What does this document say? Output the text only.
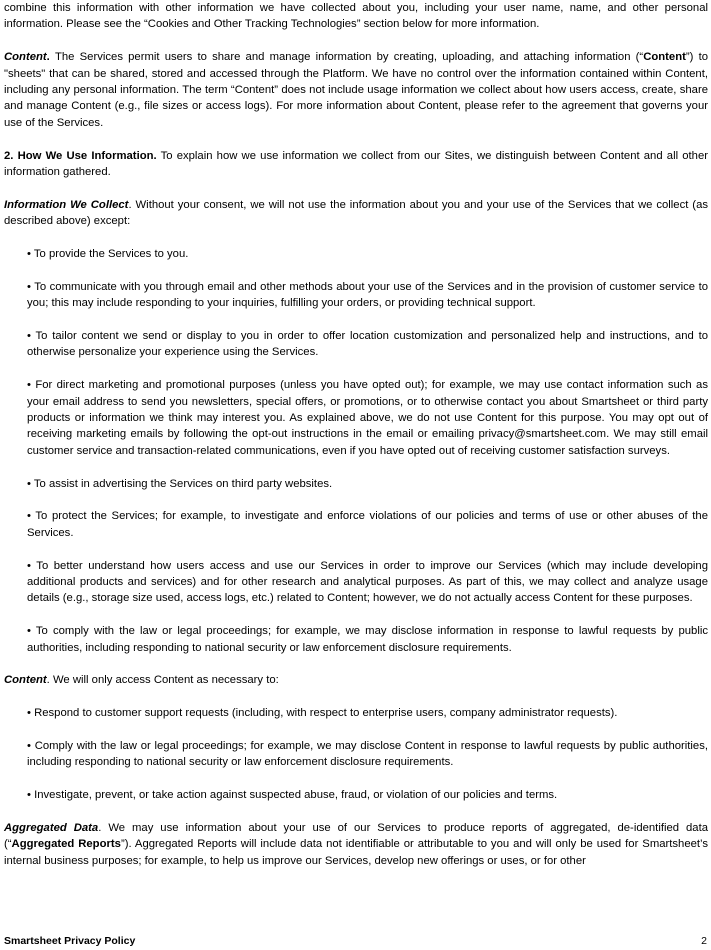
combine this information with other information we have collected about you, including your user name, name, and other personal information. Please see the “Cookies and Other Tracking Technologies” section below for more information.

Content. The Services permit users to share and manage information by creating, uploading, and attaching information (“Content”) to "sheets" that can be shared, stored and accessed through the Platform. We have no control over the information contained within Content, including any personal information. The term “Content” does not include usage information we collect about how users access, create, share and manage Content (e.g., file sizes or access logs). For more information about Content, please refer to the agreement that governs your use of the Services.

2. How We Use Information. To explain how we use information we collect from our Sites, we distinguish between Content and all other information gathered.

Information We Collect. Without your consent, we will not use the information about you and your use of the Services that we collect (as described above) except:

• To provide the Services to you.

• To communicate with you through email and other methods about your use of the Services and in the provision of customer service to you; this may include responding to your inquiries, fulfilling your orders, or providing technical support.

• To tailor content we send or display to you in order to offer location customization and personalized help and instructions, and to otherwise personalize your experience using the Services.

• For direct marketing and promotional purposes (unless you have opted out); for example, we may use contact information such as your email address to send you newsletters, special offers, or promotions, or to otherwise contact you about Smartsheet or third party products or information we think may interest you. As explained above, we do not use Content for this purpose. You may opt out of receiving marketing emails by following the opt-out instructions in the email or emailing privacy@smartsheet.com. We may still email customer service and transaction-related communications, even if you have opted out of receiving customer satisfaction surveys.

• To assist in advertising the Services on third party websites.

• To protect the Services; for example, to investigate and enforce violations of our policies and terms of use or other abuses of the Services.

• To better understand how users access and use our Services in order to improve our Services (which may include developing additional products and services) and for other research and analytical purposes. As part of this, we may collect and analyze usage details (e.g., storage size used, access logs, etc.) related to Content; however, we do not actually access Content for these purposes.

• To comply with the law or legal proceedings; for example, we may disclose information in response to lawful requests by public authorities, including responding to national security or law enforcement disclosure requirements.

Content. We will only access Content as necessary to:

• Respond to customer support requests (including, with respect to enterprise users, company administrator requests).

• Comply with the law or legal proceedings; for example, we may disclose Content in response to lawful requests by public authorities, including responding to national security or law enforcement disclosure requirements.

• Investigate, prevent, or take action against suspected abuse, fraud, or violation of our policies and terms.

Aggregated Data. We may use information about your use of our Services to produce reports of aggregated, de-identified data (“Aggregated Reports”). Aggregated Reports will include data not identifiable or attributable to you and will only be used for Smartsheet’s internal business purposes; for example, to help us improve our Services, develop new offerings or uses, or for other

Smartsheet Privacy Policy	2
